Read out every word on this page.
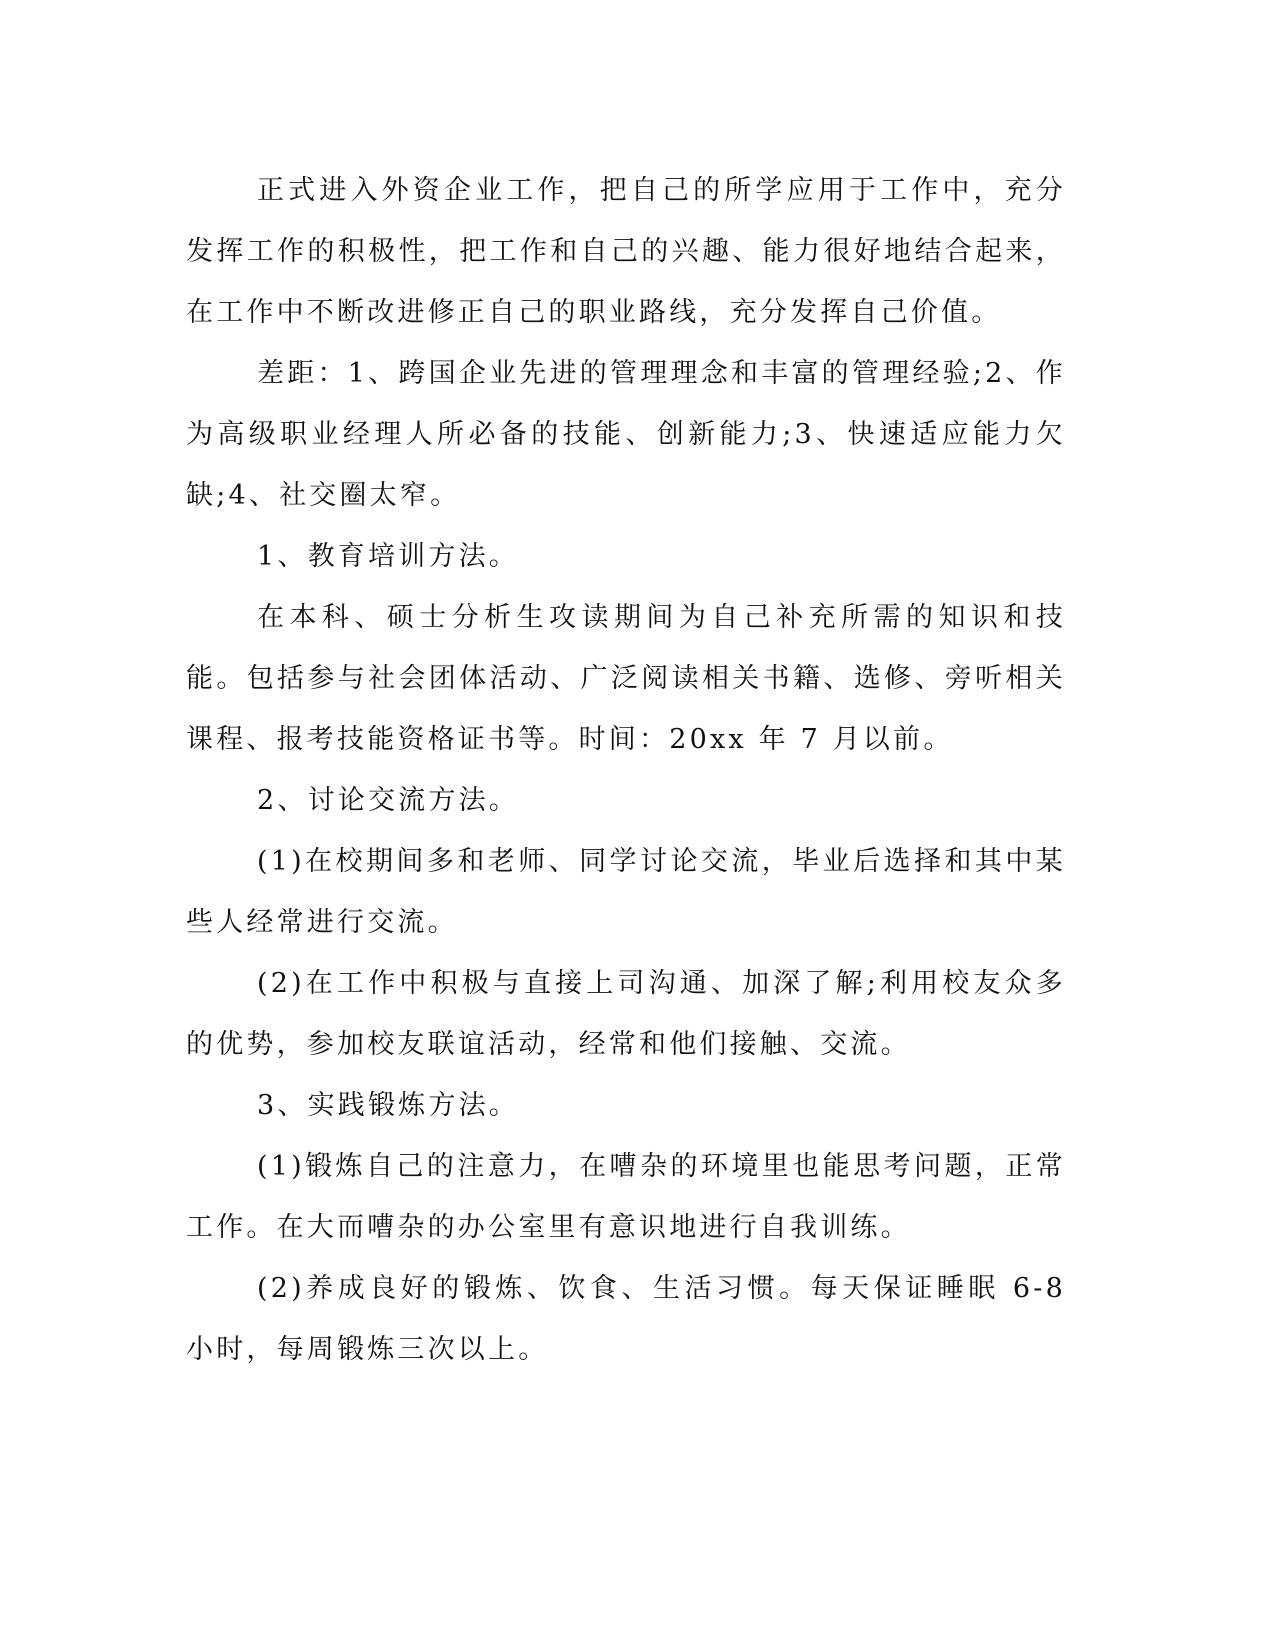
正式进入外资企业工作，把自己的所学应用于工作中，充分发挥工作的积极性，把工作和自己的兴趣、能力很好地结合起来，在工作中不断改进修正自己的职业路线，充分发挥自己价值。

差距：1、跨国企业先进的管理理念和丰富的管理经验;2、作为高级职业经理人所必备的技能、创新能力;3、快速适应能力欠缺;4、社交圈太窄。

1、教育培训方法。

在本科、硕士分析生攻读期间为自己补充所需的知识和技能。包括参与社会团体活动、广泛阅读相关书籍、选修、旁听相关课程、报考技能资格证书等。时间：20xx 年 7 月以前。

2、讨论交流方法。

(1)在校期间多和老师、同学讨论交流，毕业后选择和其中某些人经常进行交流。

(2)在工作中积极与直接上司沟通、加深了解;利用校友众多的优势，参加校友联谊活动，经常和他们接触、交流。

3、实践锻炼方法。

(1)锻炼自己的注意力，在嘈杂的环境里也能思考问题，正常工作。在大而嘈杂的办公室里有意识地进行自我训练。

(2)养成良好的锻炼、饮食、生活习惯。每天保证睡眠 6-8 小时，每周锻炼三次以上。
